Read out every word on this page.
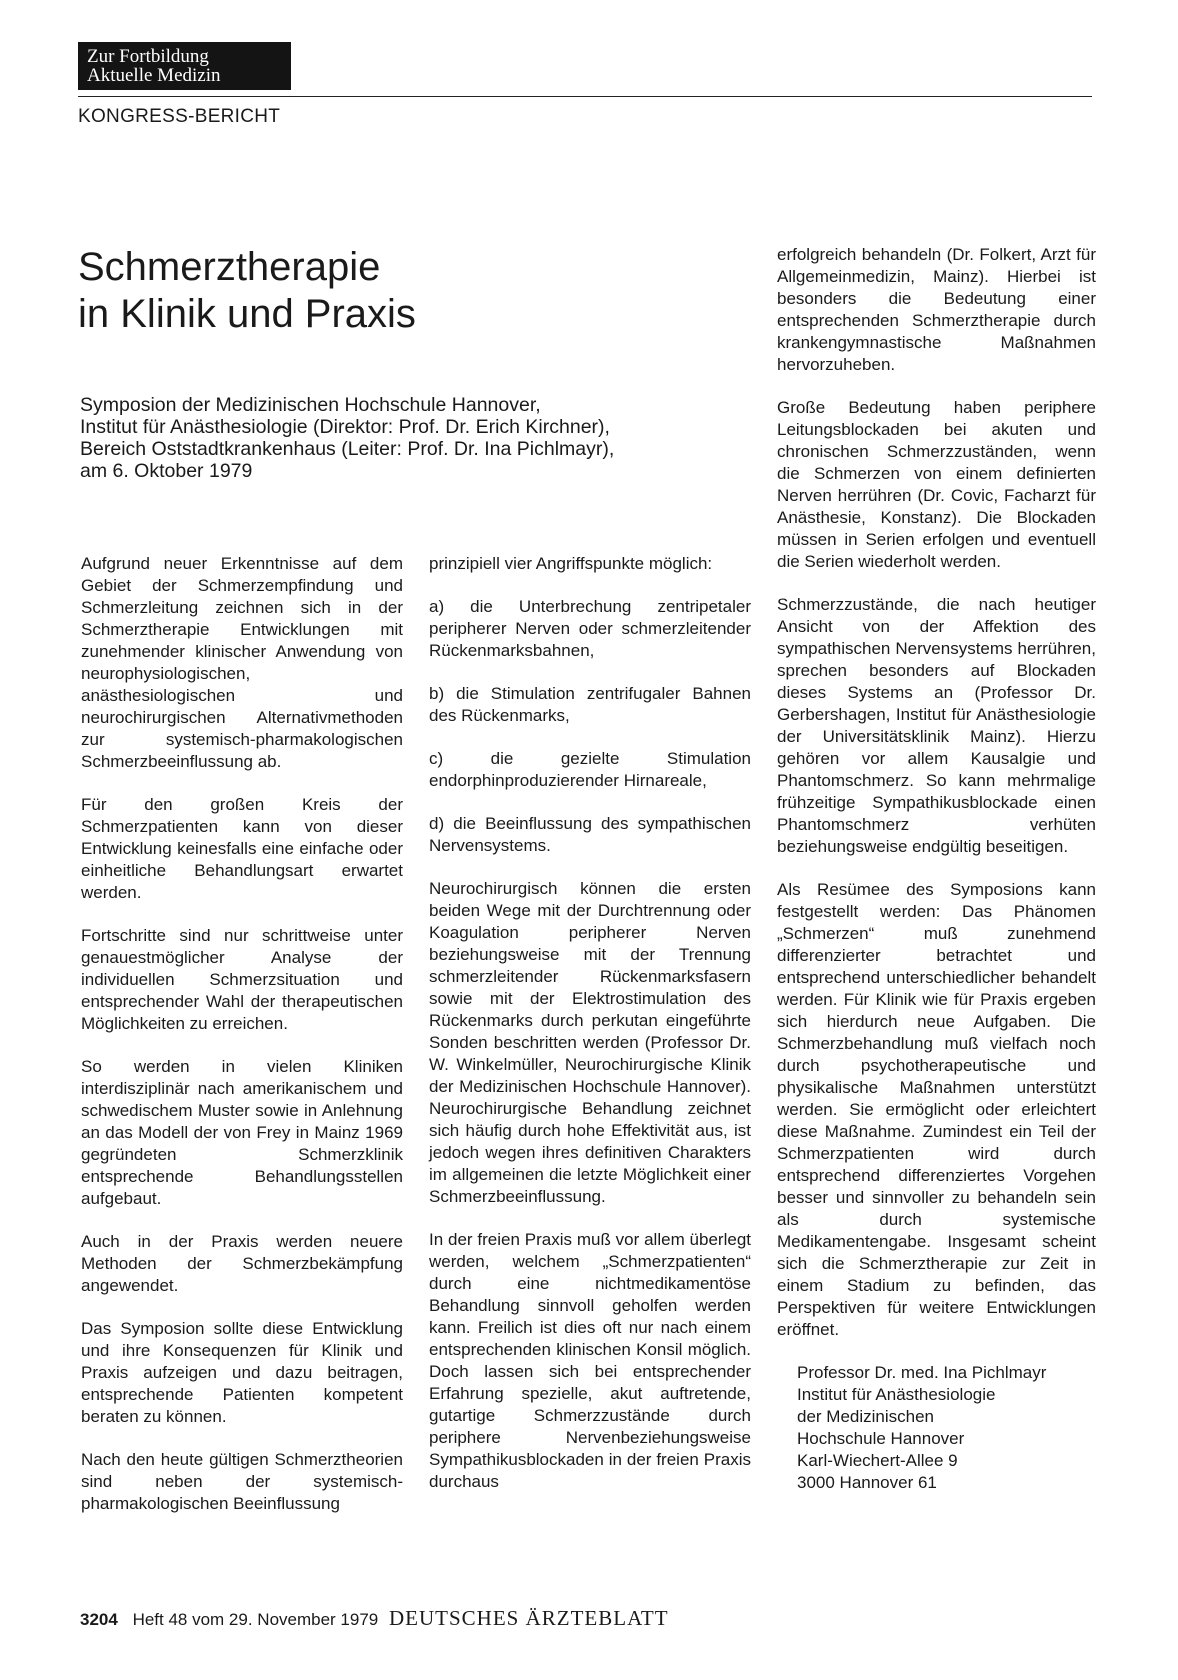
Zur Fortbildung
Aktuelle Medizin
KONGRESS-BERICHT
Schmerztherapie
in Klinik und Praxis
Symposion der Medizinischen Hochschule Hannover,
Institut für Anästhesiologie (Direktor: Prof. Dr. Erich Kirchner),
Bereich Oststadtkrankenhaus (Leiter: Prof. Dr. Ina Pichlmayr),
am 6. Oktober 1979

Aufgrund neuer Erkenntnisse auf dem Gebiet der Schmerzempfindung und Schmerzleitung zeichnen sich in der Schmerztherapie Entwicklungen mit zunehmender klinischer Anwendung von neurophysiologischen, anästhesiologischen und neurochirurgischen Alternativmethoden zur systemisch-pharmakologischen Schmerzbeeinflussung ab.

Für den großen Kreis der Schmerzpatienten kann von dieser Entwicklung keinesfalls eine einfache oder einheitliche Behandlungsart erwartet werden.

Fortschritte sind nur schrittweise unter genauestmöglicher Analyse der individuellen Schmerzsituation und entsprechender Wahl der therapeutischen Möglichkeiten zu erreichen.

So werden in vielen Kliniken interdisziplinär nach amerikanischem und schwedischem Muster sowie in Anlehnung an das Modell der von Frey in Mainz 1969 gegründeten Schmerzklinik entsprechende Behandlungsstellen aufgebaut.

Auch in der Praxis werden neuere Methoden der Schmerzbekämpfung angewendet.

Das Symposion sollte diese Entwicklung und ihre Konsequenzen für Klinik und Praxis aufzeigen und dazu beitragen, entsprechende Patienten kompetent beraten zu können.

Nach den heute gültigen Schmerztheorien sind neben der systemisch-pharmakologischen Beeinflussung

prinzipiell vier Angriffspunkte möglich:

a) die Unterbrechung zentripetaler peripherer Nerven oder schmerzleitender Rückenmarksbahnen,

b) die Stimulation zentrifugaler Bahnen des Rückenmarks,

c) die gezielte Stimulation endorphinproduzierender Hirnareale,

d) die Beeinflussung des sympathischen Nervensystems.

Neurochirurgisch können die ersten beiden Wege mit der Durchtrennung oder Koagulation peripherer Nerven beziehungsweise mit der Trennung schmerzleitender Rückenmarksfasern sowie mit der Elektrostimulation des Rückenmarks durch perkutan eingeführte Sonden beschritten werden (Professor Dr. W. Winkelmüller, Neurochirurgische Klinik der Medizinischen Hochschule Hannover). Neurochirurgische Behandlung zeichnet sich häufig durch hohe Effektivität aus, ist jedoch wegen ihres definitiven Charakters im allgemeinen die letzte Möglichkeit einer Schmerzbeeinflussung.

In der freien Praxis muß vor allem überlegt werden, welchem „Schmerzpatienten“ durch eine nichtmedikamentöse Behandlung sinnvoll geholfen werden kann. Freilich ist dies oft nur nach einem entsprechenden klinischen Konsil möglich. Doch lassen sich bei entsprechender Erfahrung spezielle, akut auftretende, gutartige Schmerzzustände durch periphere Nervenbeziehungsweise Sympathikusblockaden in der freien Praxis durchaus

erfolgreich behandeln (Dr. Folkert, Arzt für Allgemeinmedizin, Mainz). Hierbei ist besonders die Bedeutung einer entsprechenden Schmerztherapie durch krankengymnastische Maßnahmen hervorzuheben.

Große Bedeutung haben periphere Leitungsblockaden bei akuten und chronischen Schmerzzuständen, wenn die Schmerzen von einem definierten Nerven herrühren (Dr. Covic, Facharzt für Anästhesie, Konstanz). Die Blockaden müssen in Serien erfolgen und eventuell die Serien wiederholt werden.

Schmerzzustände, die nach heutiger Ansicht von der Affektion des sympathischen Nervensystems herrühren, sprechen besonders auf Blockaden dieses Systems an (Professor Dr. Gerbershagen, Institut für Anästhesiologie der Universitätsklinik Mainz). Hierzu gehören vor allem Kausalgie und Phantomschmerz. So kann mehrmalige frühzeitige Sympathikusblockade einen Phantomschmerz verhüten beziehungsweise endgültig beseitigen.

Als Resümee des Symposions kann festgestellt werden: Das Phänomen „Schmerzen“ muß zunehmend differenzierter betrachtet und entsprechend unterschiedlicher behandelt werden. Für Klinik wie für Praxis ergeben sich hierdurch neue Aufgaben. Die Schmerzbehandlung muß vielfach noch durch psychotherapeutische und physikalische Maßnahmen unterstützt werden. Sie ermöglicht oder erleichtert diese Maßnahme. Zumindest ein Teil der Schmerzpatienten wird durch entsprechend differenziertes Vorgehen besser und sinnvoller zu behandeln sein als durch systemische Medikamentengabe. Insgesamt scheint sich die Schmerztherapie zur Zeit in einem Stadium zu befinden, das Perspektiven für weitere Entwicklungen eröffnet.

Professor Dr. med. Ina Pichlmayr
Institut für Anästhesiologie
der Medizinischen
Hochschule Hannover
Karl-Wiechert-Allee 9
3000 Hannover 61
3204 Heft 48 vom 29. November 1979 DEUTSCHES ÄRZTEBLATT
